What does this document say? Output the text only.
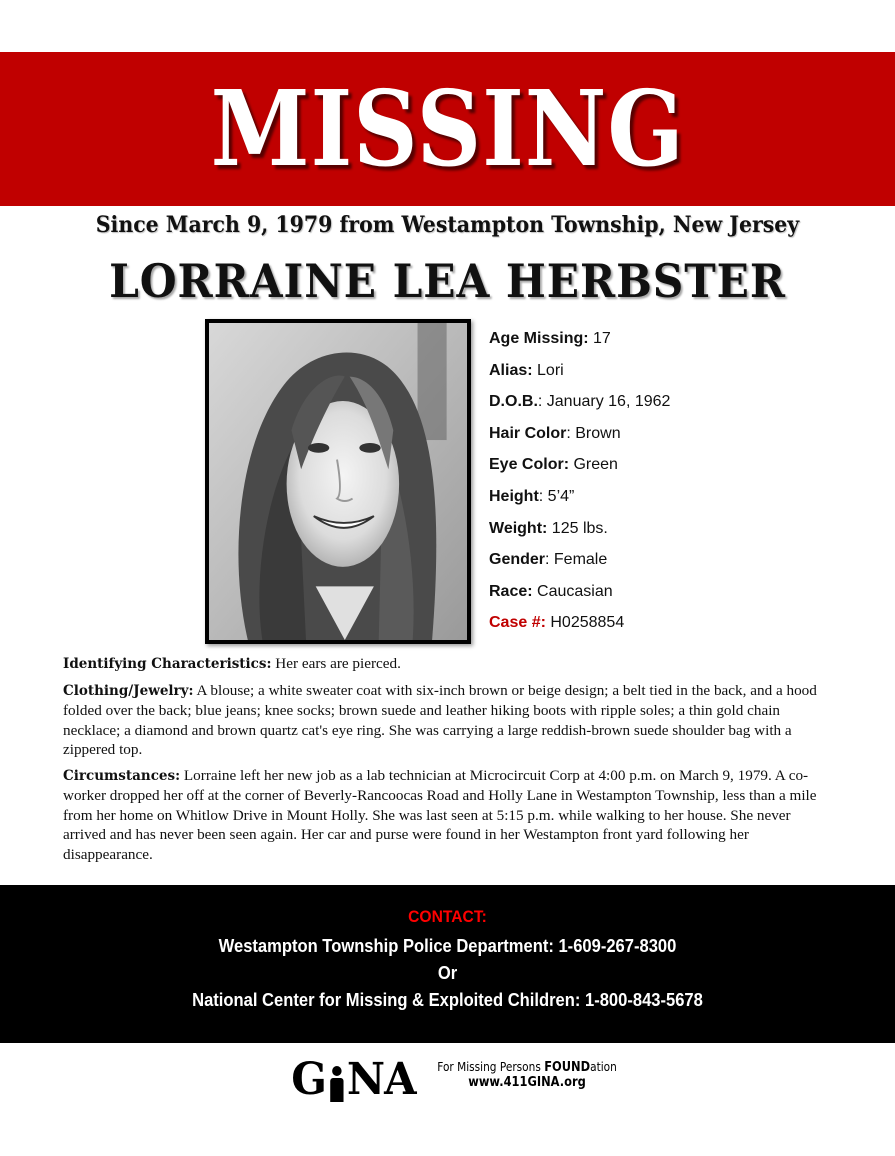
MISSING
Since March 9, 1979 from Westampton Township, New Jersey
LORRAINE LEA HERBSTER
Age Missing: 17
Alias: Lori
D.O.B.: January 16, 1962
Hair Color: Brown
Eye Color: Green
Height: 5’4”
Weight: 125 lbs.
Gender: Female
Race: Caucasian
Case #: H0258854

Identifying Characteristics: Her ears are pierced.

Clothing/Jewelry: A blouse; a white sweater coat with six-inch brown or beige design; a belt tied in the back, and a hood folded over the back; blue jeans; knee socks; brown suede and leather hiking boots with ripple soles; a thin gold chain necklace; a diamond and brown quartz cat's eye ring. She was carrying a large reddish-brown suede shoulder bag with a zippered top.

Circumstances: Lorraine left her new job as a lab technician at Microcircuit Corp at 4:00 p.m. on March 9, 1979. A co-worker dropped her off at the corner of Beverly-Rancoocas Road and Holly Lane in Westampton Township, less than a mile from her home on Whitlow Drive in Mount Holly. She was last seen at 5:15 p.m. while walking to her house. She never arrived and has never been seen again. Her car and purse were found in her Westampton front yard following her disappearance.

CONTACT:
Westampton Township Police Department: 1-609-267-8300
Or
National Center for Missing & Exploited Children: 1-800-843-5678
G NA For Missing Persons FOUNDation
www.411GINA.org
